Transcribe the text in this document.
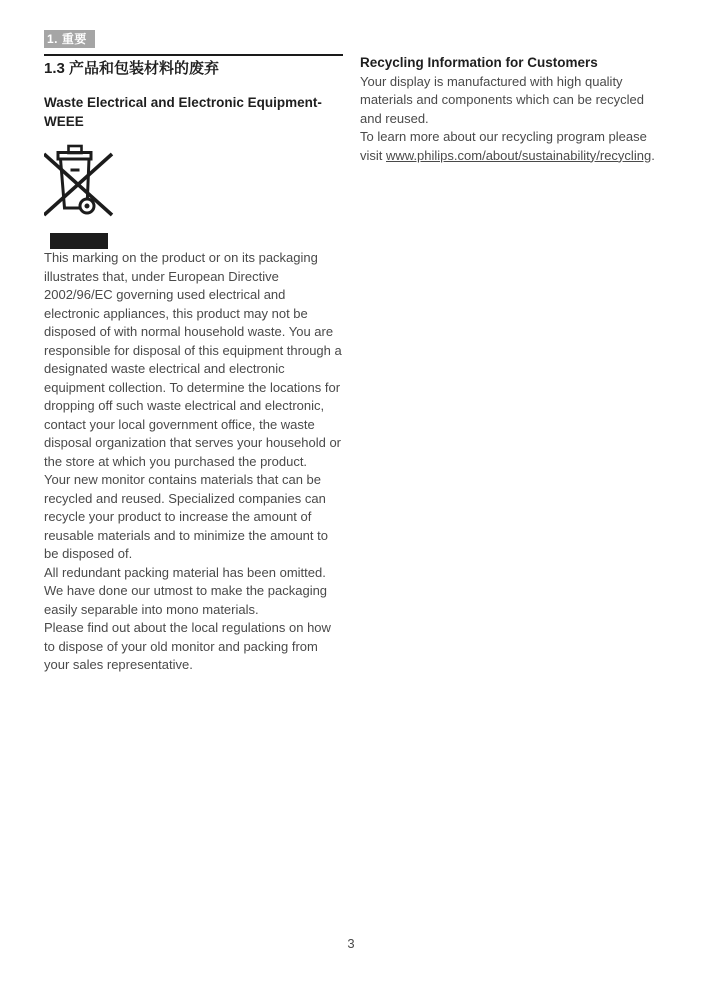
1. 重要
1.3 产品和包装材料的废弃
Waste Electrical and Electronic Equipment-
WEEE

This marking on the product or on its packaging illustrates that, under European Directive 2002/96/EC governing used electrical and electronic appliances, this product may not be disposed of with normal household waste. You are responsible for disposal of this equipment through a designated waste electrical and electronic equipment collection. To determine the locations for dropping off such waste electrical and electronic, contact your local government office, the waste disposal organization that serves your household or the store at which you purchased the product.

Your new monitor contains materials that can be recycled and reused. Specialized companies can recycle your product to increase the amount of reusable materials and to minimize the amount to be disposed of.

All redundant packing material has been omitted. We have done our utmost to make the packaging easily separable into mono materials.

Please find out about the local regulations on how to dispose of your old monitor and packing from your sales representative.

Recycling Information for Customers

Your display is manufactured with high quality materials and components which can be recycled and reused.

To learn more about our recycling program please visit www.philips.com/about/sustainability/recycling.

3
